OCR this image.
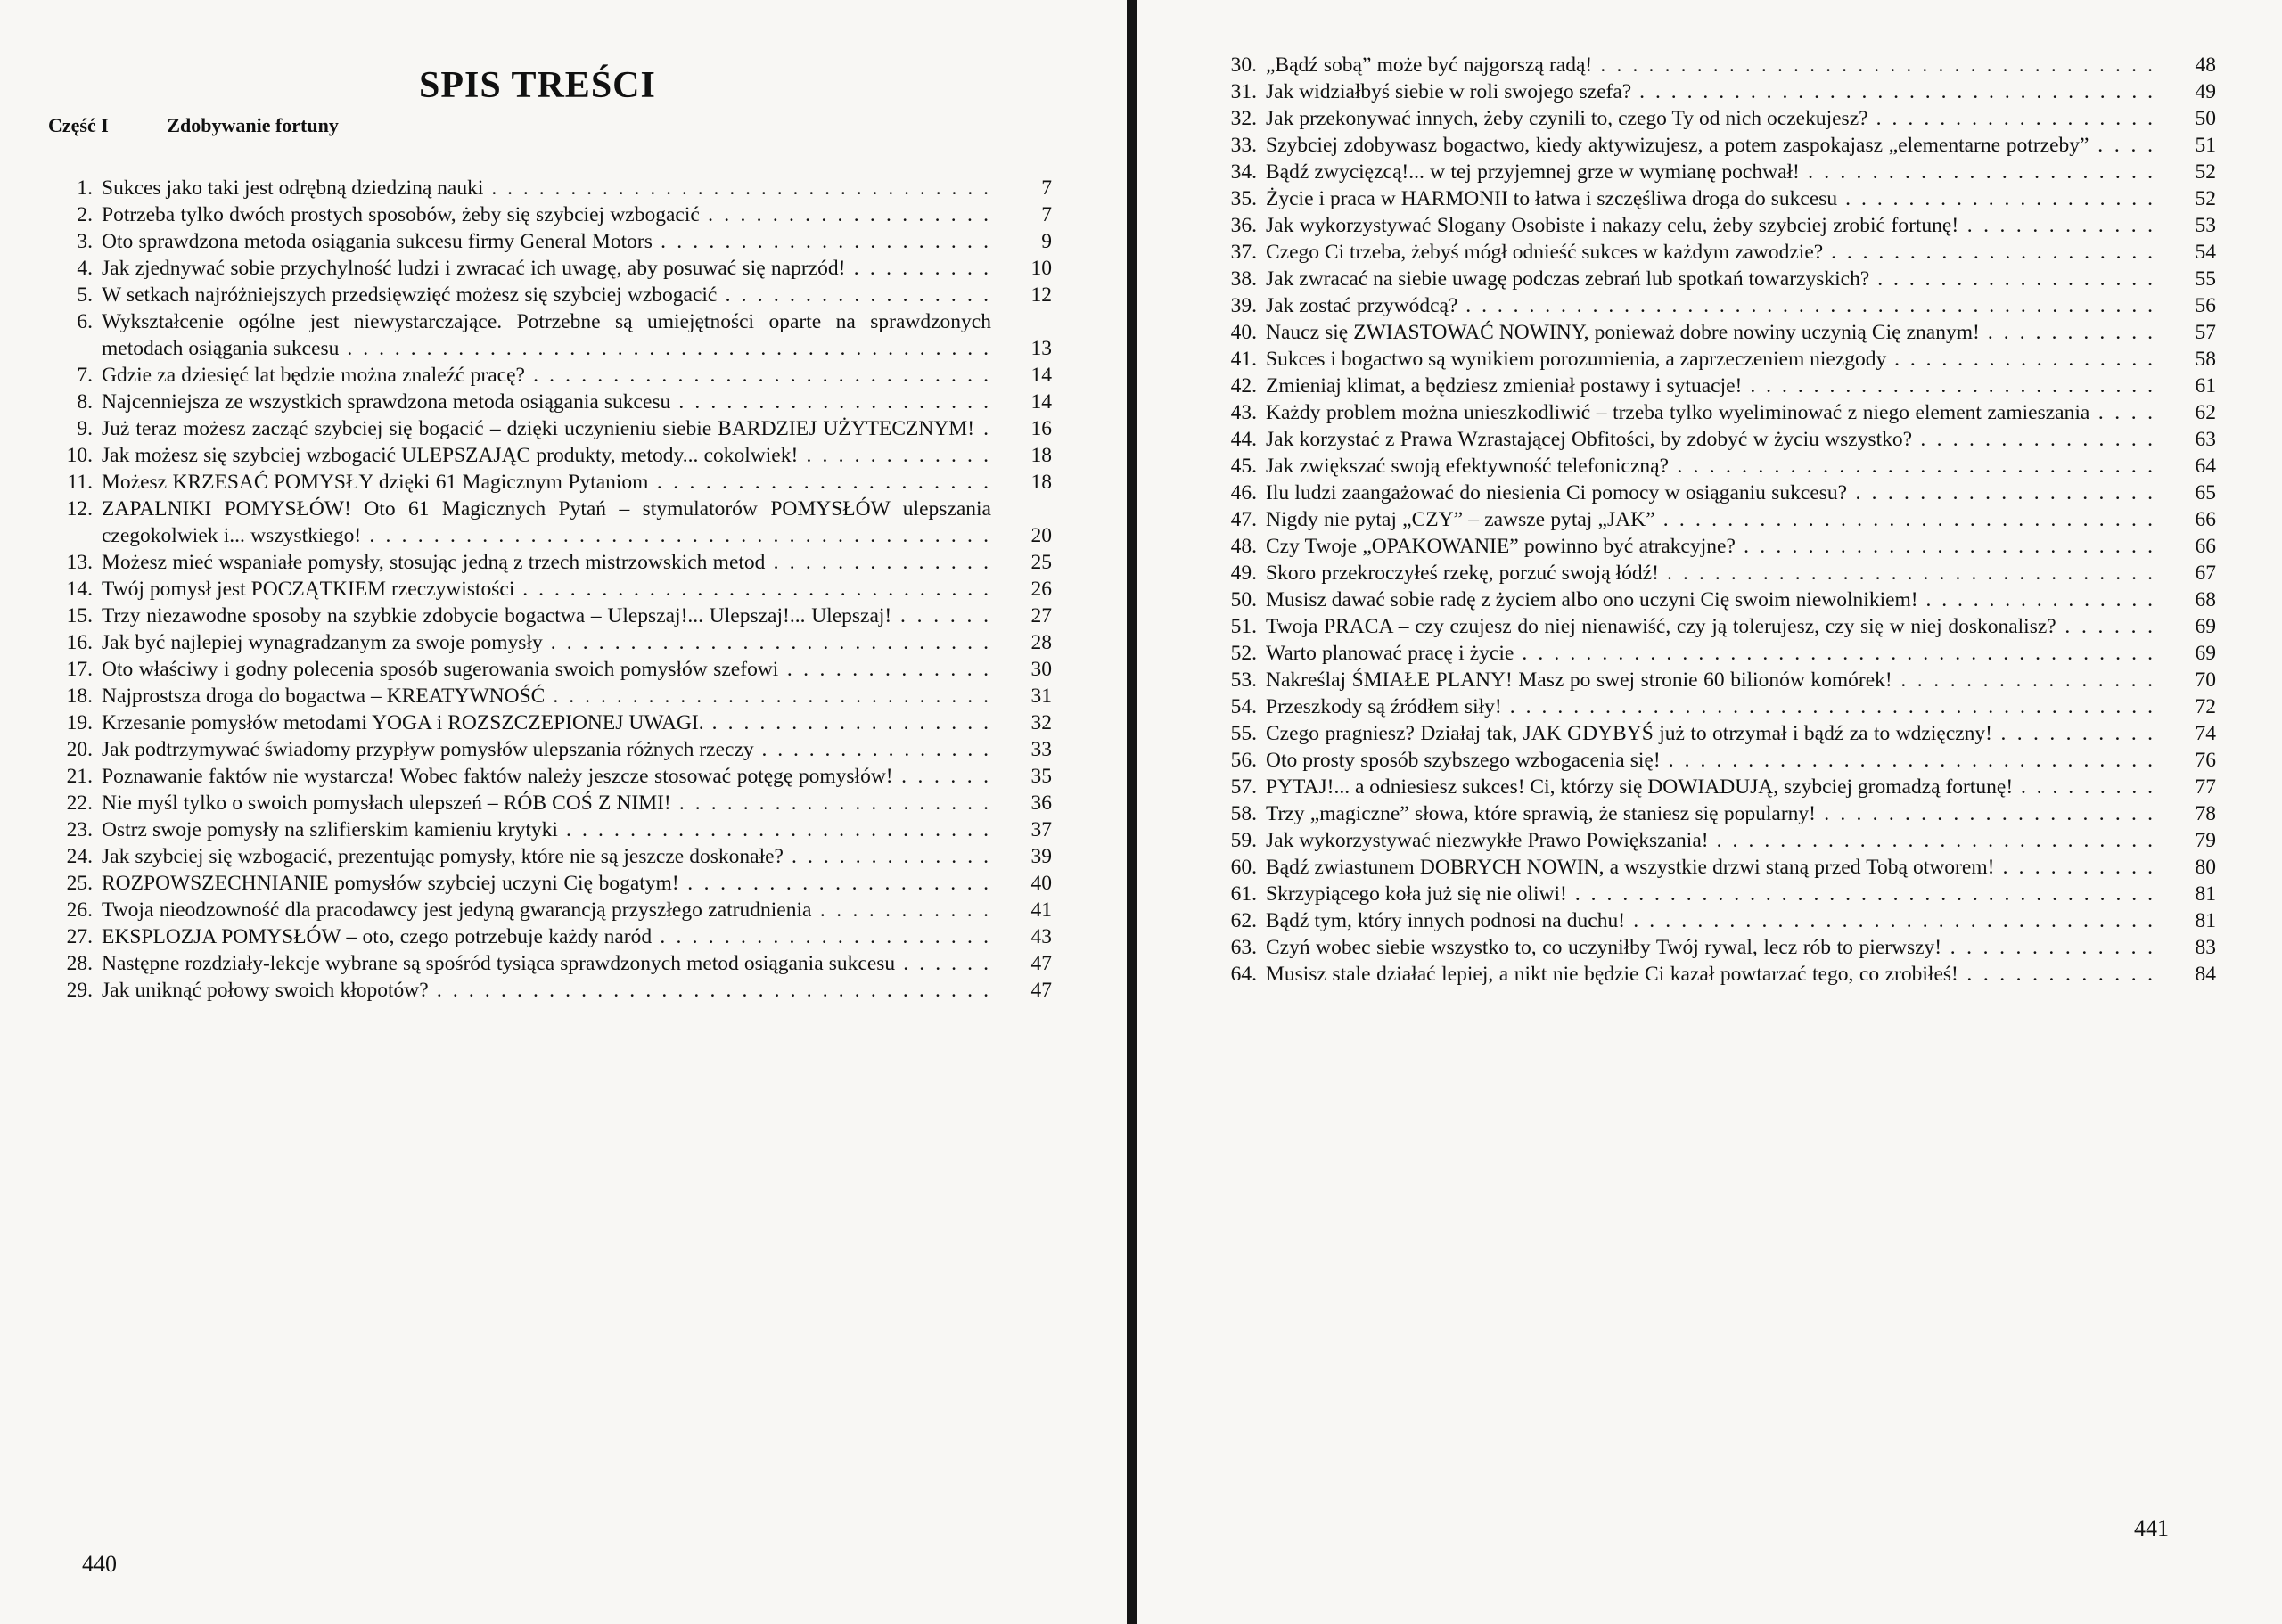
SPIS TREŚCI
Część I	Zdobywanie fortuny
1. Sukces jako taki jest odrębną dziedziną nauki . . .	7
2. Potrzeba tylko dwóch prostych sposobów, żeby się szybciej wzbogacić . . .	7
3. Oto sprawdzona metoda osiągania sukcesu firmy General Motors . . .	9
4. Jak zjednywać sobie przychylność ludzi i zwracać ich uwagę, aby posuwać się naprzód! . . .	10
5. W setkach najróżniejszych przedsięwzięć możesz się szybciej wzbogacić . . .	12
6. Wykształcenie ogólne jest niewystarczające. Potrzebne są umiejętności oparte na sprawdzonych metodach osiągania sukcesu . . .	13
7. Gdzie za dziesięć lat będzie można znaleźć pracę? . . .	14
8. Najcenniejsza ze wszystkich sprawdzona metoda osiągania sukcesu . . .	14
9. Już teraz możesz zacząć szybciej się bogacić – dzięki uczynieniu siebie BARDZIEJ UŻYTECZNYM! . . .	16
10. Jak możesz się szybciej wzbogacić ULEPSZAJĄC produkty, metody... cokolwiek! . . .	18
11. Możesz KRZESAĆ POMYSŁY dzięki 61 Magicznym Pytaniom . . .	18
12. ZAPALNIKI POMYSŁÓW! Oto 61 Magicznych Pytań – stymulatorów POMYSŁÓW ulepszania czegokolwiek i... wszystkiego! . . .	20
13. Możesz mieć wspaniałe pomysły, stosując jedną z trzech mistrzowskich metod . . .	25
14. Twój pomysł jest POCZĄTKIEM rzeczywistości . . .	26
15. Trzy niezawodne sposoby na szybkie zdobycie bogactwa – Ulepszaj!... Ulepszaj!... Ulepszaj! . . .	27
16. Jak być najlepiej wynagradzanym za swoje pomysły . . .	28
17. Oto właściwy i godny polecenia sposób sugerowania swoich pomysłów szefowi . . .	30
18. Najprostsza droga do bogactwa – KREATYWNOŚĆ . . .	31
19. Krzesanie pomysłów metodami YOGA i ROZSZCZEPIONEJ UWAGI. . . .	32
20. Jak podtrzymywać świadomy przypływ pomysłów ulepszania różnych rzeczy . . .	33
21. Poznawanie faktów nie wystarcza! Wobec faktów należy jeszcze stosować potęgę pomysłów! . . .	35
22. Nie myśl tylko o swoich pomysłach ulepszeń – RÓB COŚ Z NIMI! . . .	36
23. Ostrz swoje pomysły na szlifierskim kamieniu krytyki . . .	37
24. Jak szybciej się wzbogacić, prezentując pomysły, które nie są jeszcze doskonałe? . . .	39
25. ROZPOWSZECHNIANIE pomysłów szybciej uczyni Cię bogatym! . . .	40
26. Twoja nieodzowność dla pracodawcy jest jedyną gwarancją przyszłego zatrudnienia . . .	41
27. EKSPLOZJA POMYSŁÓW – oto, czego potrzebuje każdy naród . . .	43
28. Następne rozdziały-lekcje wybrane są spośród tysiąca sprawdzonych metod osiągania sukcesu . . .	47
29. Jak uniknąć połowy swoich kłopotów? . . .	47
440
30. „Bądź sobą” może być najgorszą radą! . . .	48
31. Jak widziałbyś siebie w roli swojego szefa? . . .	49
32. Jak przekonywać innych, żeby czynili to, czego Ty od nich oczekujesz? . . .	50
33. Szybciej zdobywasz bogactwo, kiedy aktywizujesz, a potem zaspokajasz „elementarne potrzeby” . . .	51
34. Bądź zwycięzcą!... w tej przyjemnej grze w wymianę pochwał! . . .	52
35. Życie i praca w HARMONII to łatwa i szczęśliwa droga do sukcesu . . .	52
36. Jak wykorzystywać Slogany Osobiste i nakazy celu, żeby szybciej zrobić fortunę! . . .	53
37. Czego Ci trzeba, żebyś mógł odnieść sukces w każdym zawodzie? . . .	54
38. Jak zwracać na siebie uwagę podczas zebrań lub spotkań towarzyskich? . . .	55
39. Jak zostać przywódcą? . . .	56
40. Naucz się ZWIASTOWAĆ NOWINY, ponieważ dobre nowiny uczynią Cię znanym! . . .	57
41. Sukces i bogactwo są wynikiem porozumienia, a zaprzeczeniem niezgody . . .	58
42. Zmieniaj klimat, a będziesz zmieniał postawy i sytuacje! . . .	61
43. Każdy problem można unieszkodliwić – trzeba tylko wyeliminować z niego element zamieszania . . .	62
44. Jak korzystać z Prawa Wzrastającej Obfitości, by zdobyć w życiu wszystko? . . .	63
45. Jak zwiększać swoją efektywność telefoniczną? . . .	64
46. Ilu ludzi zaangażować do niesienia Ci pomocy w osiąganiu sukcesu? . . .	65
47. Nigdy nie pytaj „CZY” – zawsze pytaj „JAK” . . .	66
48. Czy Twoje „OPAKOWANIE” powinno być atrakcyjne? . . .	66
49. Skoro przekroczyłeś rzekę, porzuć swoją łódź! . . .	67
50. Musisz dawać sobie radę z życiem albo ono uczyni Cię swoim niewolnikiem! . . .	68
51. Twoja PRACA – czy czujesz do niej nienawiść, czy ją tolerujesz, czy się w niej doskonalisz? . . .	69
52. Warto planować pracę i życie . . .	69
53. Nakreślaj ŚMIAŁE PLANY! Masz po swej stronie 60 bilionów komórek! . . .	70
54. Przeszkody są źródłem siły! . . .	72
55. Czego pragniesz? Działaj tak, JAK GDYBYŚ już to otrzymał i bądź za to wdzięczny! . . .	74
56. Oto prosty sposób szybszego wzbogacenia się! . . .	76
57. PYTAJ!... a odniesiesz sukces! Ci, którzy się DOWIADUJĄ, szybciej gromadzą fortunę! . . .	77
58. Trzy „magiczne” słowa, które sprawią, że staniesz się popularny! . . .	78
59. Jak wykorzystywać niezwykłe Prawo Powiększania! . . .	79
60. Bądź zwiastunem DOBRYCH NOWIN, a wszystkie drzwi staną przed Tobą otworem! . . .	80
61. Skrzypiącego koła już się nie oliwi! . . .	81
62. Bądź tym, który innych podnosi na duchu! . . .	81
63. Czyń wobec siebie wszystko to, co uczyniłby Twój rywal, lecz rób to pierwszy! . . .	83
64. Musisz stale działać lepiej, a nikt nie będzie Ci kazał powtarzać tego, co zrobiłeś! . . .	84
441
